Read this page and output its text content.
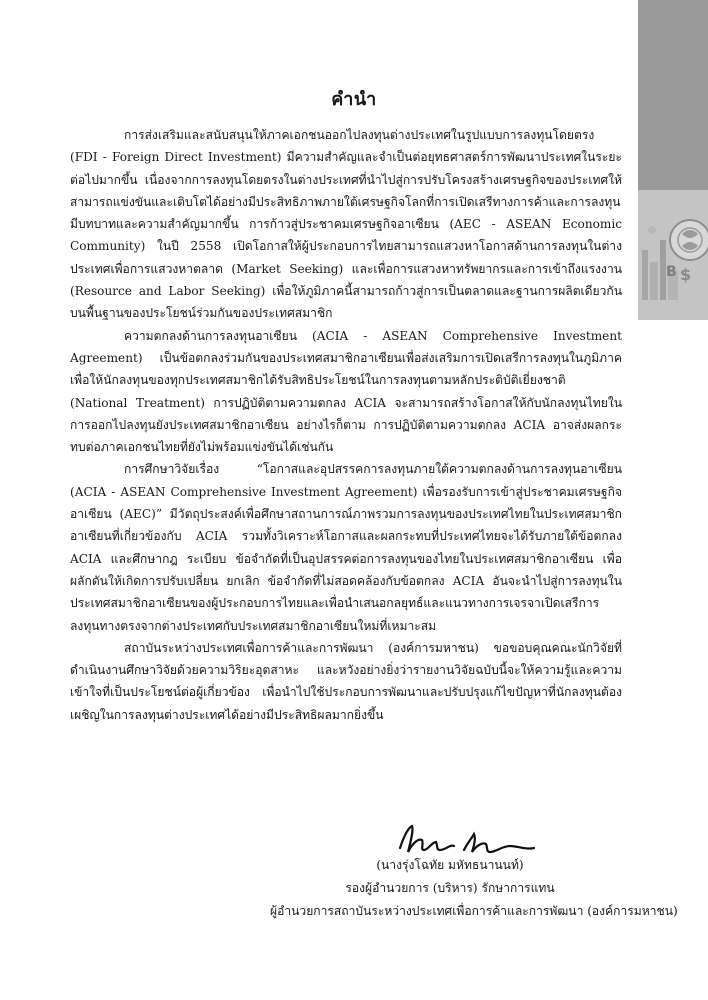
B $
คำนำ

การส่งเสริมและสนับสนุนให้ภาคเอกชนออกไปลงทุนต่างประเทศในรูปแบบการลงทุนโดยตรง (FDI - Foreign Direct Investment) มีความสำคัญและจำเป็นต่อยุทธศาสตร์การพัฒนาประเทศในระยะต่อไปมากขึ้น เนื่องจากการลงทุนโดยตรงในต่างประเทศที่นำไปสู่การปรับโครงสร้างเศรษฐกิจของประเทศให้สามารถแข่งขันและเติบโตได้อย่างมีประสิทธิภาพภายใต้เศรษฐกิจโลกที่การเปิดเสรีทางการค้าและการลงทุนมีบทบาทและความสำคัญมากขึ้น การก้าวสู่ประชาคมเศรษฐกิจอาเซียน (AEC - ASEAN Economic Community) ในปี 2558 เปิดโอกาสให้ผู้ประกอบการไทยสามารถแสวงหาโอกาสด้านการลงทุนในต่างประเทศเพื่อการแสวงหาตลาด (Market Seeking) และเพื่อการแสวงหาทรัพยากรและการเข้าถึงแรงงาน (Resource and Labor Seeking) เพื่อให้ภูมิภาคนี้สามารถก้าวสู่การเป็นตลาดและฐานการผลิตเดียวกันบนพื้นฐานของประโยชน์ร่วมกันของประเทศสมาชิก

ความตกลงด้านการลงทุนอาเซียน (ACIA - ASEAN Comprehensive Investment Agreement) เป็นข้อตกลงร่วมกันของประเทศสมาชิกอาเซียนเพื่อส่งเสริมการเปิดเสรีการลงทุนในภูมิภาค เพื่อให้นักลงทุนของทุกประเทศสมาชิกได้รับสิทธิประโยชน์ในการลงทุนตามหลักประติบัติเยี่ยงชาติ (National Treatment) การปฏิบัติตามความตกลง ACIA จะสามารถสร้างโอกาสให้กับนักลงทุนไทยในการออกไปลงทุนยังประเทศสมาชิกอาเซียน อย่างไรก็ตาม การปฏิบัติตามความตกลง ACIA อาจส่งผลกระทบต่อภาคเอกชนไทยที่ยังไม่พร้อมแข่งขันได้เช่นกัน

การศึกษาวิจัยเรื่อง “โอกาสและอุปสรรคการลงทุนภายใต้ความตกลงด้านการลงทุนอาเซียน (ACIA - ASEAN Comprehensive Investment Agreement) เพื่อรองรับการเข้าสู่ประชาคมเศรษฐกิจอาเซียน (AEC)” มีวัตถุประสงค์เพื่อศึกษาสถานการณ์ภาพรวมการลงทุนของประเทศไทยในประเทศสมาชิกอาเซียนที่เกี่ยวข้องกับ ACIA รวมทั้งวิเคราะห์โอกาสและผลกระทบที่ประเทศไทยจะได้รับภายใต้ข้อตกลง ACIA และศึกษากฎ ระเบียบ ข้อจำกัดที่เป็นอุปสรรคต่อการลงทุนของไทยในประเทศสมาชิกอาเซียน เพื่อผลักดันให้เกิดการปรับเปลี่ยน ยกเลิก ข้อจำกัดที่ไม่สอดคล้องกับข้อตกลง ACIA อันจะนำไปสู่การลงทุนในประเทศสมาชิกอาเซียนของผู้ประกอบการไทยและเพื่อนำเสนอกลยุทธ์และแนวทางการเจรจาเปิดเสรีการลงทุนทางตรงจากต่างประเทศกับประเทศสมาชิกอาเซียนใหม่ที่เหมาะสม

สถาบันระหว่างประเทศเพื่อการค้าและการพัฒนา (องค์การมหาชน) ขอขอบคุณคณะนักวิจัยที่ดำเนินงานศึกษาวิจัยด้วยความวิริยะอุตสาหะ และหวังอย่างยิ่งว่ารายงานวิจัยฉบับนี้จะให้ความรู้และความเข้าใจที่เป็นประโยชน์ต่อผู้เกี่ยวข้อง เพื่อนำไปใช้ประกอบการพัฒนาและปรับปรุงแก้ไขปัญหาที่นักลงทุนต้องเผชิญในการลงทุนต่างประเทศได้อย่างมีประสิทธิผลมากยิ่งขึ้น

(นางรุ่งโฉทัย มหัทธนานนท์)
รองผู้อำนวยการ (บริหาร) รักษาการแทน
ผู้อำนวยการสถาบันระหว่างประเทศเพื่อการค้าและการพัฒนา (องค์การมหาชน)
